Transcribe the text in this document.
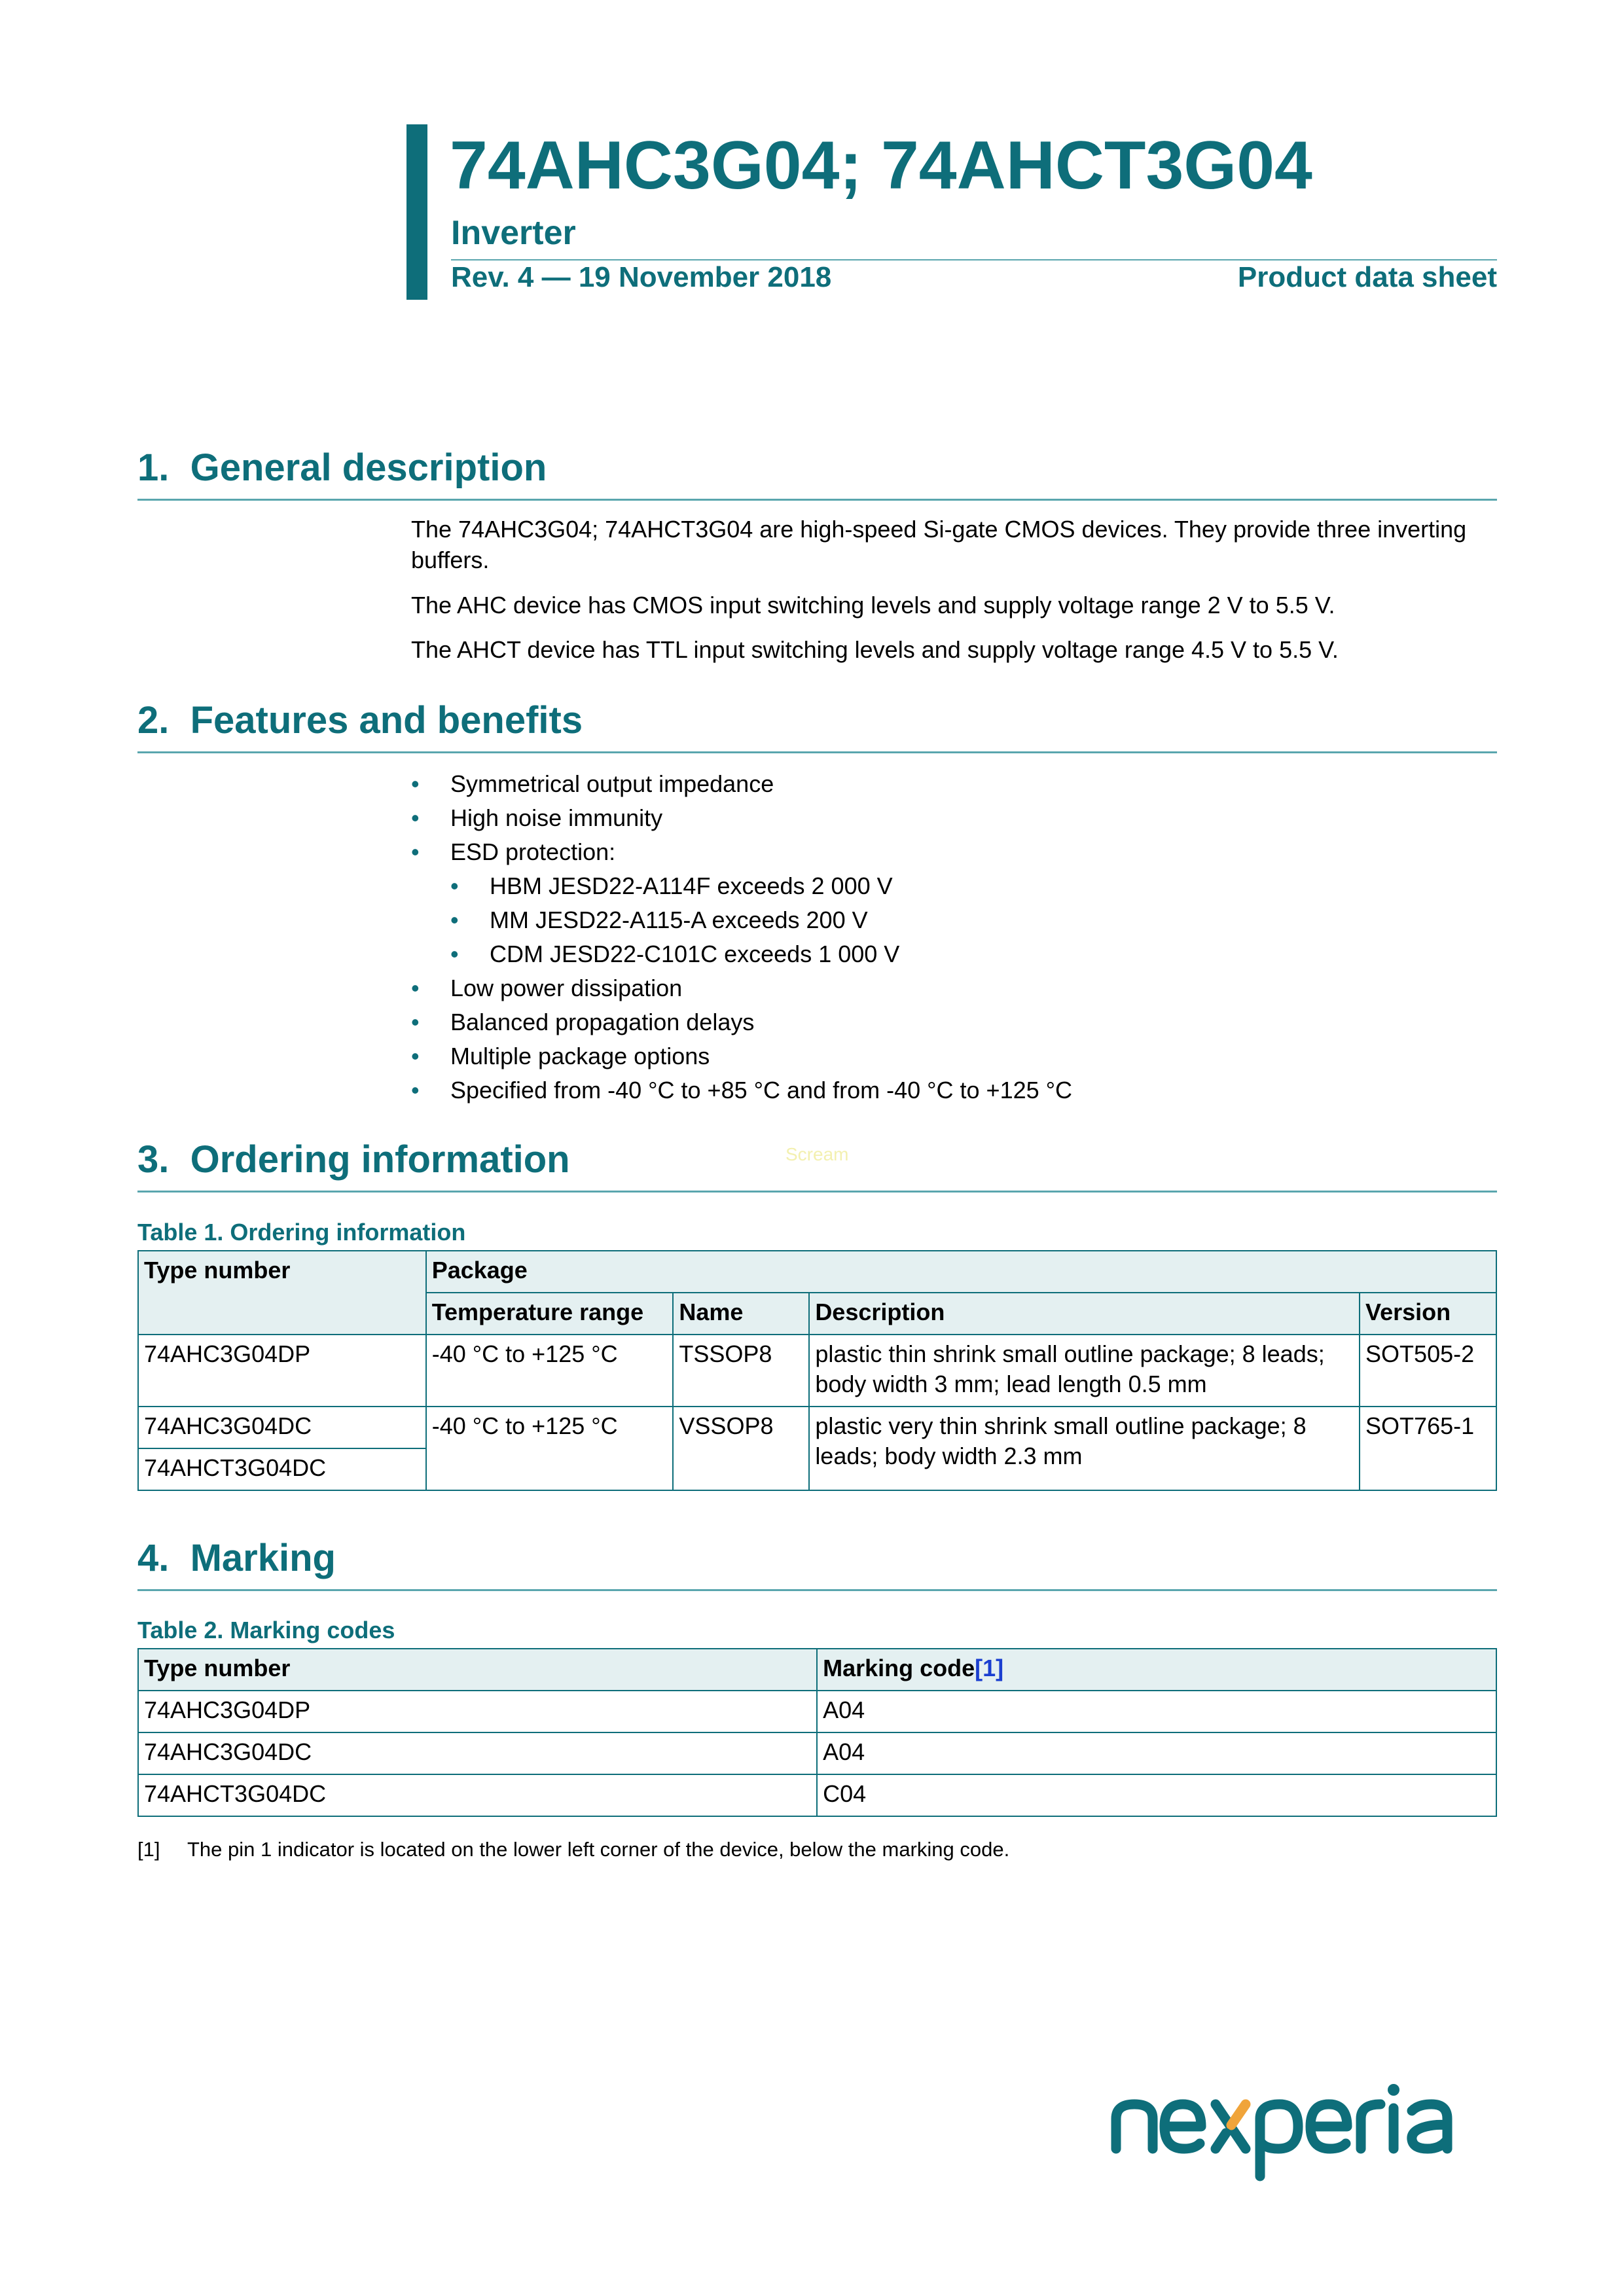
74AHC3G04; 74AHCT3G04
Inverter
Rev. 4 — 19 November 2018	Product data sheet
1.  General description

The 74AHC3G04; 74AHCT3G04 are high-speed Si-gate CMOS devices. They provide three inverting buffers.

The AHC device has CMOS input switching levels and supply voltage range 2 V to 5.5 V.

The AHCT device has TTL input switching levels and supply voltage range 4.5 V to 5.5 V.

2.  Features and benefits
• Symmetrical output impedance
• High noise immunity
• ESD protection:
• HBM JESD22-A114F exceeds 2 000 V
• MM JESD22-A115-A exceeds 200 V
• CDM JESD22-C101C exceeds 1 000 V
• Low power dissipation
• Balanced propagation delays
• Multiple package options
• Specified from -40 °C to +85 °C and from -40 °C to +125 °C
3.  Ordering information	Scream
Table 1. Ordering information
Type number	Package			
	Temperature range	Name	Description	Version
74AHC3G04DP	-40 °C to +125 °C	TSSOP8	plastic thin shrink small outline package; 8 leads; body width 3 mm; lead length 0.5 mm	SOT505-2
74AHC3G04DC	-40 °C to +125 °C	VSSOP8	plastic very thin shrink small outline package; 8 leads; body width 2.3 mm	SOT765-1
74AHCT3G04DC				
4.  Marking
Table 2. Marking codes
Type number	Marking code[1]
74AHC3G04DP	A04
74AHC3G04DC	A04
74AHCT3G04DC	C04
[1] The pin 1 indicator is located on the lower left corner of the device, below the marking code.
